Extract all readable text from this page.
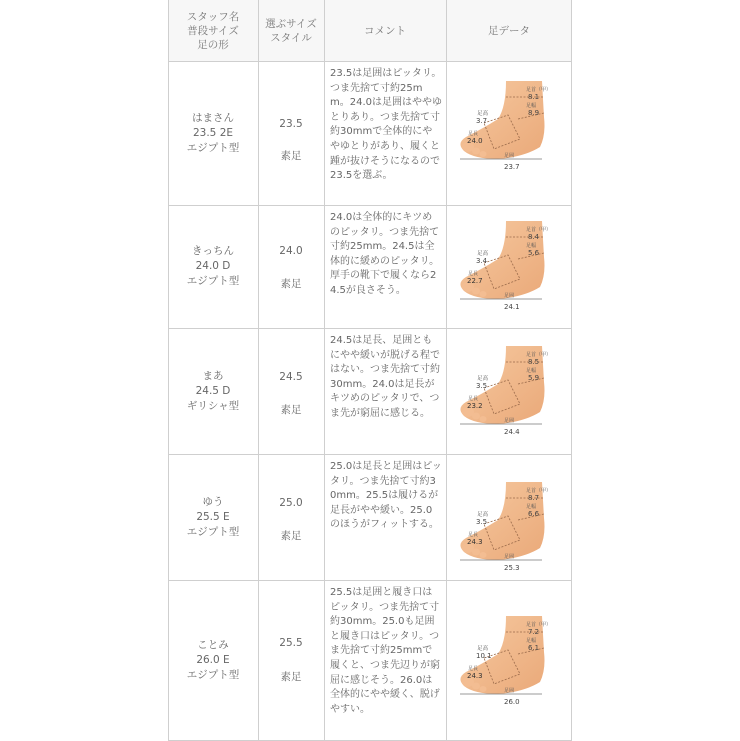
スタッフ名
普段サイズ
足の形
選ぶサイズ
スタイル
コメント	足データ
はまさん
23.5 2E
エジプト型
23.5
素足
23.5は足囲はピッタリ。つま先捨て寸約25mm。24.0は足囲はややゆとりあり。つま先捨て寸約30mmで全体的にややゆとりがあり、履くと踵が抜けそうになるので23.5を選ぶ。
足高
3.7
足首（甲）
8.1
足幅
8.9
足長
24.0
足囲
23.7
きっちん
24.0 D
エジプト型
24.0
素足
24.0は全体的にキツめのピッタリ。つま先捨て寸約25mm。24.5は全体的に緩めのピッタリ。厚手の靴下で履くなら24.5が良さそう。
足高
3.4
足首（甲）
8.4
足幅
5.6
足長
22.7
足囲
24.1
まあ
24.5 D
ギリシャ型
24.5
素足
24.5は足長、足囲ともにやや緩いが脱げる程ではない。つま先捨て寸約30mm。24.0は足長がキツめのピッタリで、つま先が窮屈に感じる。
足高
3.5
足首（甲）
8.5
足幅
5.9
足長
23.2
足囲
24.4
ゆう
25.5 E
エジプト型
25.0
素足
25.0は足長と足囲はピッタリ。つま先捨て寸約30mm。25.5は履けるが足長がやや緩い。25.0のほうがフィットする。
足高
3.5
足首（甲）
8.7
足幅
6.6
足長
24.3
足囲
25.3
ことみ
26.0 E
エジプト型
25.5
素足
25.5は足囲と履き口はピッタリ。つま先捨て寸約30mm。25.0も足囲と履き口はピッタリ。つま先捨て寸約25mmで履くと、つま先辺りが窮屈に感じそう。26.0は全体的にやや緩く、脱げやすい。
足高
10.1
足首（甲）
7.2
足幅
6.1
足長
24.3
足囲
26.0
